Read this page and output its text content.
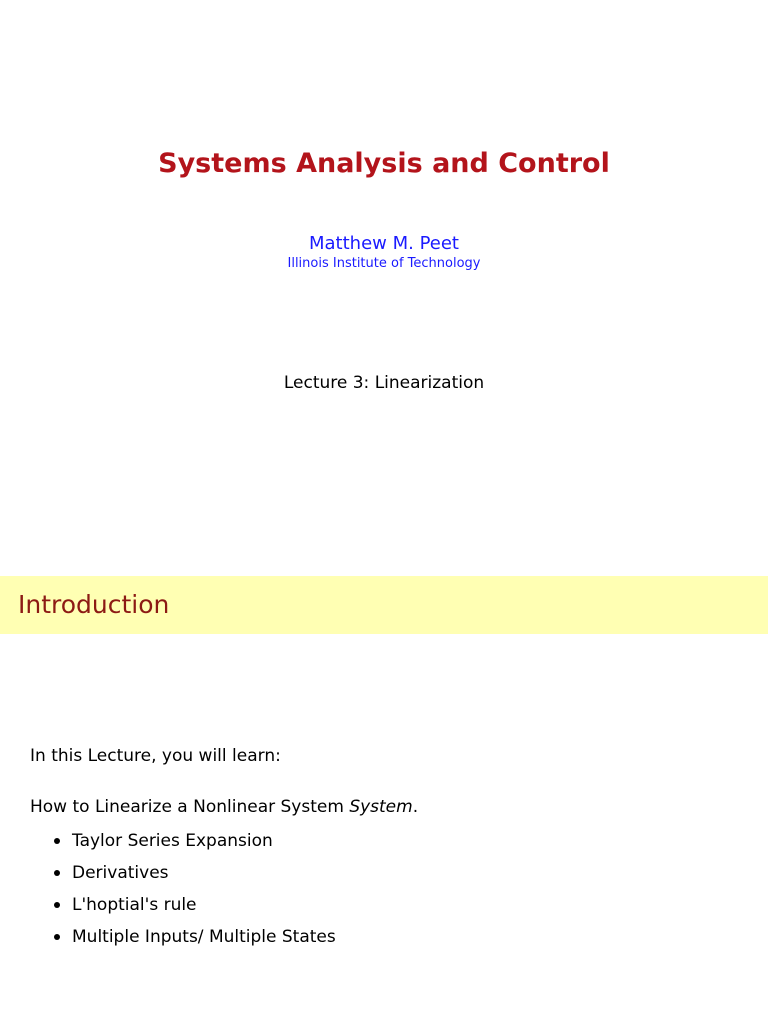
Systems Analysis and Control
Matthew M. Peet
Illinois Institute of Technology
Lecture 3: Linearization
Introduction
In this Lecture, you will learn:
How to Linearize a Nonlinear System System.
Taylor Series Expansion
Derivatives
L'hoptial's rule
Multiple Inputs/ Multiple States
